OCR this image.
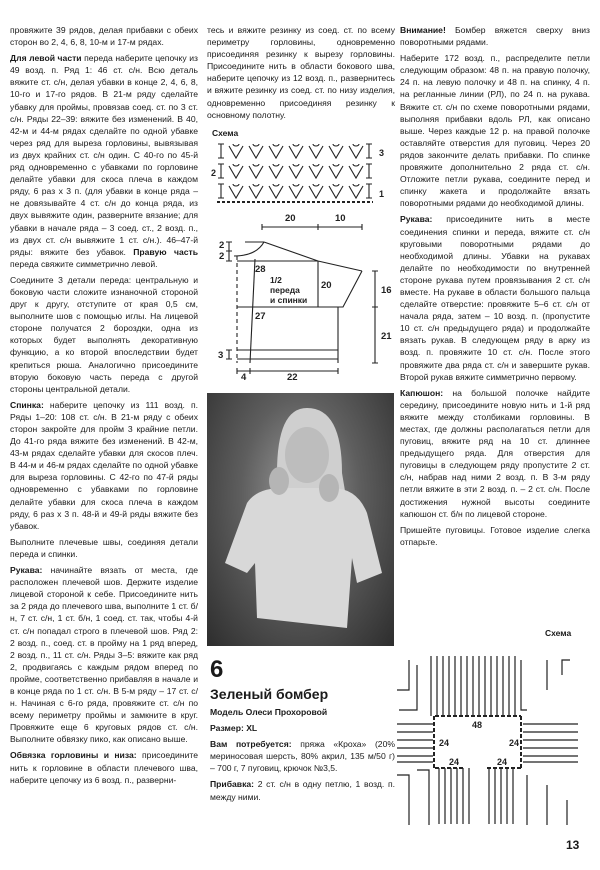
провяжите 39 рядов, делая прибавки с обеих сторон во 2, 4, 6, 8, 10-м и 17-м рядах.

Для левой части переда наберите цепочку из 49 возд. п. Ряд 1: 46 ст. с/н. Всю деталь вяжите ст. с/н, делая убавки в конце 2, 4, 6, 8, 10-го и 17-го рядов. В 21-м ряду сделайте убавку для проймы, провязав соед. ст. по 3 ст. с/н. Ряды 22–39: вяжите без изменений. В 40, 42-м и 44-м рядах сделайте по одной убавке через ряд для выреза горловины, вывязывая из двух крайних ст. с/н один. С 40-го по 45-й ряд одновременно с убавками по горловине делайте убавки для скоса плеча в каждом ряду, 6 раз х 3 п. (для убавки в конце ряда – не довязывайте 4 ст. с/н до конца ряда, из двух вывяжите один, разверните вязание; для убавки в начале ряда – 3 соед. ст., 2 возд. п., из двух ст. с/н вывяжите 1 ст. с/н.). 46–47-й ряды: вяжите без убавок. Правую часть переда свяжите симметрично левой.

Соедините 3 детали переда: центральную и боковую части сложите изнаночной стороной друг к другу, отступите от края 0,5 см, выполните шов с помощью иглы. На лицевой стороне получатся 2 бороздки, одна из которых будет выполнять декоративную функцию, а ко второй впоследствии будет крепиться рюша. Аналогично присоедините вторую боковую часть переда с другой стороны центральной детали.

Спинка: наберите цепочку из 111 возд. п. Ряды 1–20: 108 ст. с/н. В 21-м ряду с обеих сторон закройте для пройм 3 крайние петли. До 41-го ряда вяжите без изменений. В 42-м, 43-м рядах сделайте убавки для скосов плеч. В 44-м и 46-м рядах сделайте по одной убавке для выреза горловины. С 42-го по 47-й ряды одновременно с убавками по горловине делайте убавки для скоса плеча в каждом ряду, 6 раз х 3 п. 48-й и 49-й ряды вяжите без убавок.

Выполните плечевые швы, соединяя детали переда и спинки.

Рукава: начинайте вязать от места, где расположен плечевой шов. Держите изделие лицевой стороной к себе. Присоедините нить за 2 ряда до плечевого шва, выполните 1 ст. б/н, 7 ст. с/н, 1 ст. б/н, 1 соед. ст. так, чтобы 4-й ст. с/н попадал строго в плечевой шов. Ряд 2: 2 возд. п., соед. ст. в пройму на 1 ряд вперед, 2 возд. п., 11 ст. с/н. Ряды 3–5: вяжите как ряд 2, продвигаясь с каждым рядом вперед по пройме, соответственно прибавляя в начале и в конце ряда по 1 ст. с/н. В 5-м ряду – 17 ст. с/н. Начиная с 6-го ряда, провяжите ст. с/н по всему периметру проймы и замкните в круг. Провяжите еще 6 круговых рядов ст. с/н. Выполните обвязку пико, как описано выше.

Обвязка горловины и низа: присоедините нить к горловине в области плечевого шва, наберите цепочку из 6 возд. п., разверни-

тесь и вяжите резинку из соед. ст. по всему периметру горловины, одновременно присоединяя резинку к вырезу горловины. Присоедините нить в области бокового шва, наберите цепочку из 12 возд. п., развернитесь и вяжите резинку из соед. ст. по низу изделия, одновременно присоединяя резинку к основному полотну.

Схема
3
2
1
20	10
2
2
28
20	16
27
21
3
4	22
1/2
переда
и спинки
6
Зеленый бомбер

Модель Олеси Прохоровой

Размер: XL

Вам потребуется: пряжа «Кроха» (20% мериносовая шерсть, 80% акрил, 135 м/50 г) – 700 г, 7 пуговиц, крючок №3,5.

Прибавка: 2 ст. с/н в одну петлю, 1 возд. п. между ними.

Внимание! Бомбер вяжется сверху вниз поворотными рядами.

Наберите 172 возд. п., распределите петли следующим образом: 48 п. на правую полочку, 24 п. на левую полочку и 48 п. на спинку, 4 п. на регланные линии (РЛ), по 24 п. на рукава. Вяжите ст. с/н по схеме поворотными рядами, выполняя прибавки вдоль РЛ, как описано выше. Через каждые 12 р. на правой полочке оставляйте отверстия для пуговиц. Через 20 рядов закончите делать прибавки. По спинке провяжите дополнительно 2 ряда ст. с/н. Отложите петли рукава, соедините перед и спинку жакета и продолжайте вязать поворотными рядами до необходимой длины.

Рукава: присоедините нить в месте соединения спинки и переда, вяжите ст. с/н круговыми поворотными рядами до необходимой длины. Убавки на рукавах делайте по необходимости по внутренней стороне рукава путем провязывания 2 ст. с/н вместе. На рукаве в области большого пальца сделайте отверстие: провяжите 5–6 ст. с/н от начала ряда, затем – 10 возд. п. (пропустите 10 ст. с/н предыдущего ряда) и продолжайте вязать рукав. В следующем ряду в арку из возд. п. провяжите 10 ст. с/н. После этого провяжите два ряда ст. с/н и завершите рукав. Второй рукав вяжите симметрично первому.

Капюшон: на большой полочке найдите середину, присоедините новую нить и 1-й ряд вяжите между столбиками горловины. В местах, где должны располагаться петли для пуговиц, вяжите ряд на 10 ст. длиннее предыдущего ряда. Для отверстия для пуговицы в следующем ряду пропустите 2 ст. с/н, набрав над ними 2 возд. п. В 3-м ряду петли вяжите в эти 2 возд. п. – 2 ст. с/н. После достижения нужной высоты соедините капюшон ст. б/н по лицевой стороне.

Пришейте пуговицы. Готовое изделие слегка отпарьте.

Схема
48
24	24
24	24
13
